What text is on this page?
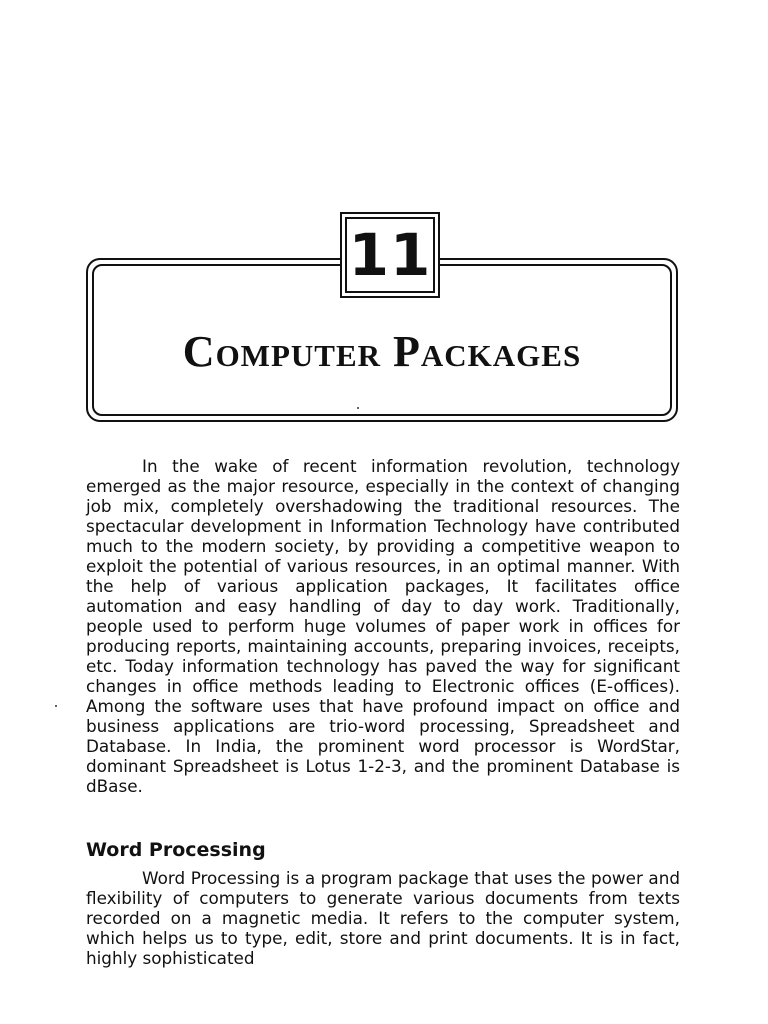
11
Computer Packages

In the wake of recent information revolution, technology emerged as the major resource, especially in the context of changing job mix, completely overshadowing the traditional resources. The spectacular development in Information Technology have contributed much to the modern society, by providing a competitive weapon to exploit the potential of various resources, in an optimal manner. With the help of various application packages, It facilitates office automation and easy handling of day to day work. Traditionally, people used to perform huge volumes of paper work in offices for producing reports, maintaining accounts, preparing invoices, receipts, etc. Today information technology has paved the way for significant changes in office methods leading to Electronic offices (E-offices). Among the software uses that have profound impact on office and business applications are trio-word processing, Spreadsheet and Database. In India, the prominent word processor is WordStar, dominant Spreadsheet is Lotus 1-2-3, and the prominent Database is dBase.

Word Processing

Word Processing is a program package that uses the power and flexibility of computers to generate various documents from texts recorded on a magnetic media. It refers to the computer system, which helps us to type, edit, store and print documents. It is in fact, highly sophisticated
